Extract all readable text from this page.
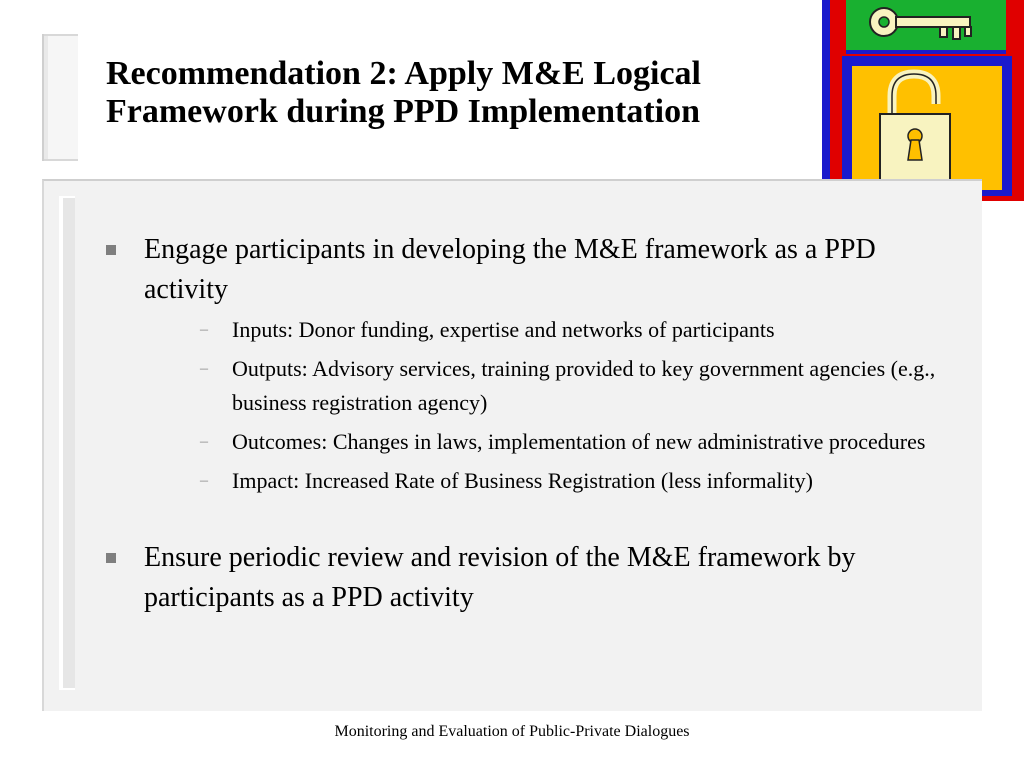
Recommendation 2: Apply M&E Logical Framework during PPD Implementation
Engage participants in developing the M&E framework as a PPD activity
– Inputs: Donor funding, expertise and networks of participants
– Outputs: Advisory services, training provided to key government agencies (e.g., business registration agency)
– Outcomes: Changes in laws, implementation of new administrative procedures
– Impact: Increased Rate of Business Registration (less informality)
Ensure periodic review and revision of the M&E framework by participants as a PPD activity
Monitoring and Evaluation of Public-Private Dialogues
